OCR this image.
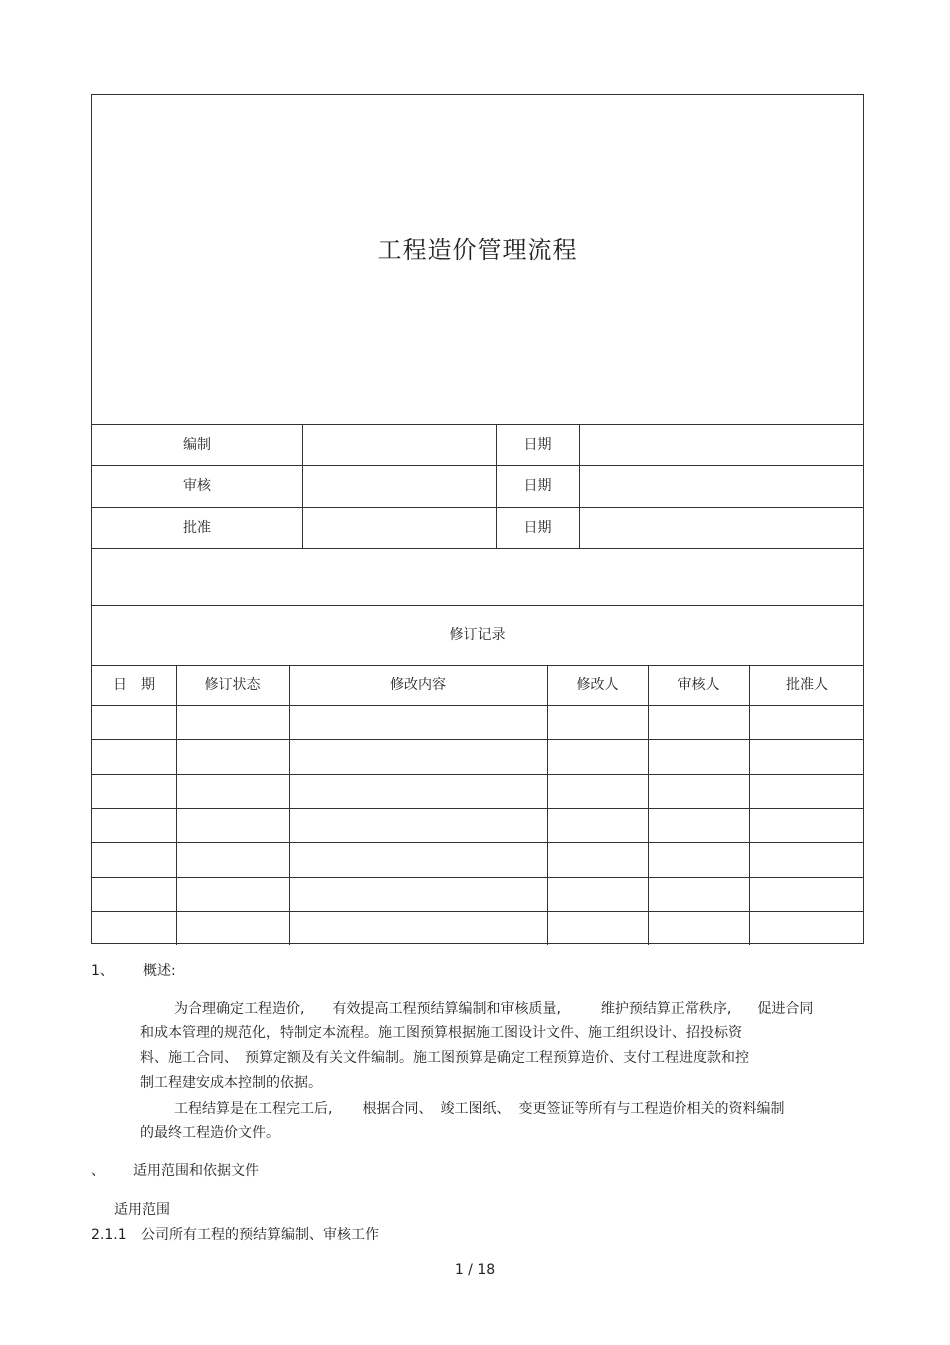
工程造价管理流程
编制	日期
审核	日期
批准	日期
修订记录
日　期	修订状态	修改内容	修改人	审核人	批准人
1、 概述:
为合理确定工程造价, 有效提高工程预结算编制和审核质量,	维护预结算正常秩序, 促进合同
和成本管理的规范化，特制定本流程。施工图预算根据施工图设计文件、施工组织设计、招投标资
料、施工合同、　预算定额及有关文件编制。施工图预算是确定工程预算造价、支付工程进度款和控
制工程建安成本控制的依据。
工程结算是在工程完工后, 根据合同、 竣工图纸、 变更签证等所有与工程造价相关的资料编制
的最终工程造价文件。
、 适用范围和依据文件
适用范围
2.1.1 公司所有工程的预结算编制、审核工作
1 / 18
